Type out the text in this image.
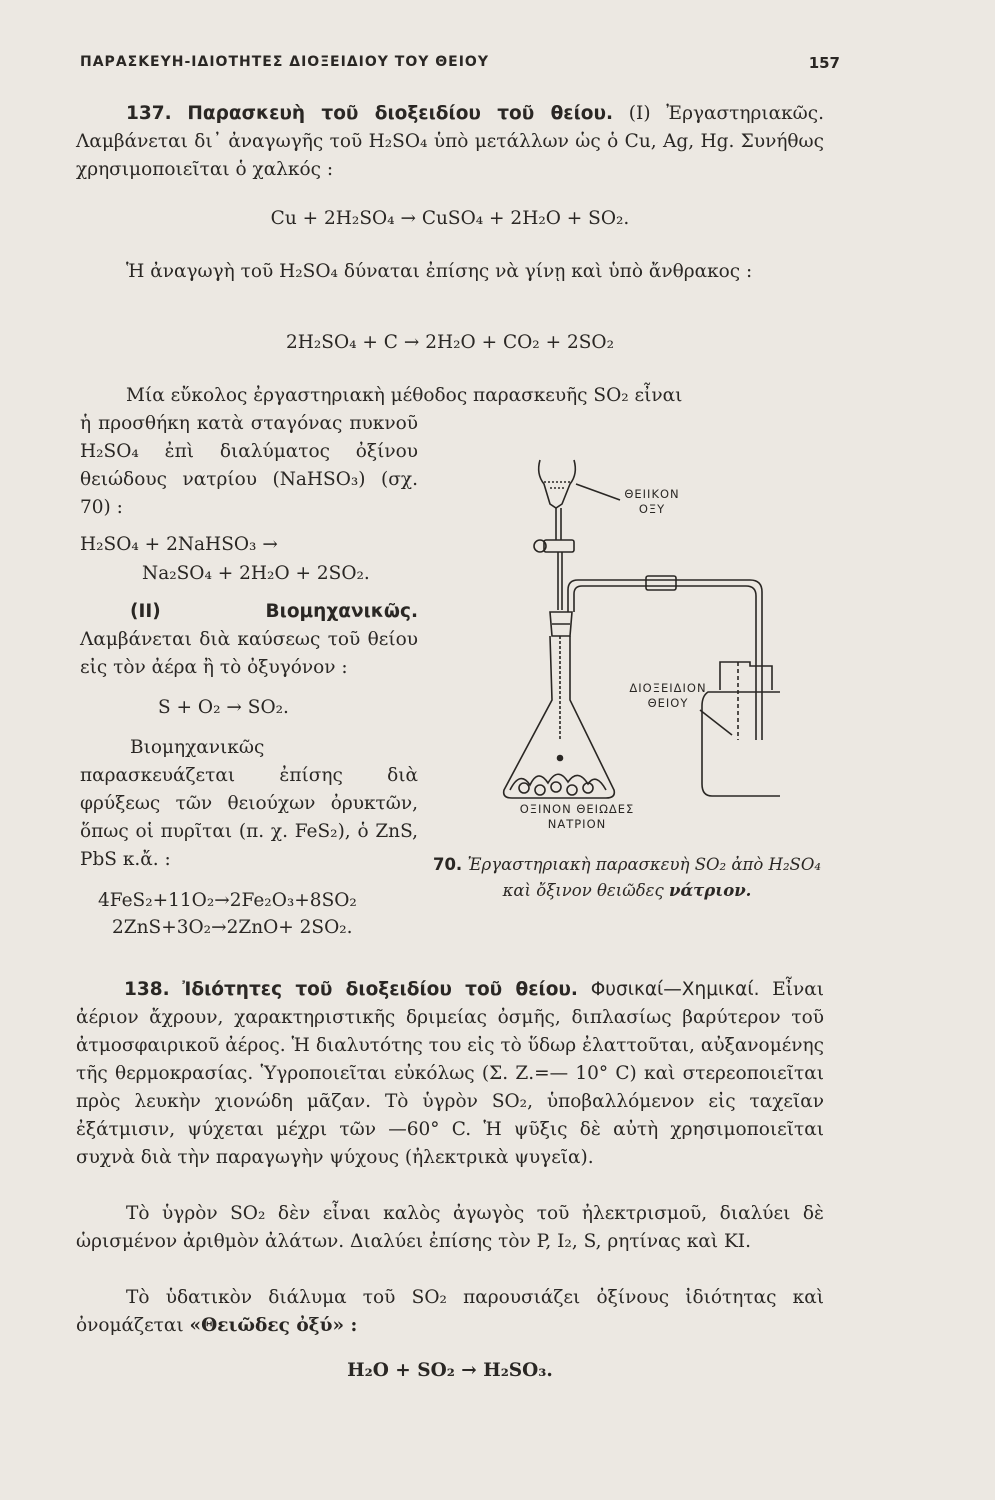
ΠΑΡΑΣΚΕΥΗ-ΙΔΙΟΤΗΤΕΣ ΔΙΟΞΕΙΔΙΟΥ ΤΟΥ ΘΕΙΟΥ	157
137. Παρασκευὴ τοῦ διοξειδίου τοῦ θείου. (I) Ἐργαστηριακῶς. Λαμβάνεται δι᾿ ἀναγωγῆς τοῦ H₂SO₄ ὑπὸ μετάλλων ὡς ὁ Cu, Ag, Hg. Συνήθως χρησιμοποιεῖται ὁ χαλκός :
Cu + 2H₂SO₄ → CuSO₄ + 2H₂O + SO₂.
Ἡ ἀναγωγὴ τοῦ H₂SO₄ δύναται ἐπίσης νὰ γίνῃ καὶ ὑπὸ ἄνθρακος :
2H₂SO₄ + C → 2H₂O + CO₂ + 2SO₂
Μία εὔκολος ἐργαστηριακὴ μέθοδος παρασκευῆς SO₂ εἶναι
ἡ προσθήκη κατὰ σταγόνας πυκνοῦ H₂SO₄ ἐπὶ διαλύματος ὀξίνου θειώδους νατρίου (NaHSO₃) (σχ. 70) :
H₂SO₄ + 2NaHSO₃ →
Na₂SO₄ + 2H₂O + 2SO₂.
(II) Βιομηχανικῶς. Λαμβάνεται διὰ καύσεως τοῦ θείου εἰς τὸν ἀέρα ἢ τὸ ὀξυγόνον :
S + O₂ → SO₂.
Βιομηχανικῶς παρασκευάζεται ἐπίσης διὰ φρύξεως τῶν θειούχων ὀρυκτῶν, ὅπως οἱ πυρῖται (π. χ. FeS₂), ὁ ZnS, PbS κ.ἄ. :
4FeS₂+11O₂→2Fe₂O₃+8SO₂
2ZnS+3O₂→2ZnO+ 2SO₂.
ΘΕΙΙΚΟΝ ΟΞΥ
ΔΙΟΞΕΙΔΙΟΝ ΘΕΙΟΥ
ΟΞΙΝΟΝ ΘΕΙΩΔΕΣ ΝΑΤΡΙΟΝ
70. Ἐργαστηριακὴ παρασκευὴ SO₂ ἀπὸ H₂SO₄ καὶ ὄξινον θειῶδες νάτριον.
138. Ἰδιότητες τοῦ διοξειδίου τοῦ θείου. Φυσικαί—Χημικαί. Εἶναι ἀέριον ἄχρουν, χαρακτηριστικῆς δριμείας ὀσμῆς, διπλασίως βαρύτερον τοῦ ἀτμοσφαιρικοῦ ἀέρος. Ἡ διαλυτότης του εἰς τὸ ὕδωρ ἐλαττοῦται, αὐξανομένης τῆς θερμοκρασίας. Ὑγροποιεῖται εὐκόλως (Σ. Ζ.=— 10° C) καὶ στερεοποιεῖται πρὸς λευκὴν χιονώδη μᾶζαν. Τὸ ὑγρὸν SO₂, ὑποβαλλόμενον εἰς ταχεῖαν ἐξάτμισιν, ψύχεται μέχρι τῶν —60° C. Ἡ ψῦξις δὲ αὐτὴ χρησιμοποιεῖται συχνὰ διὰ τὴν παραγωγὴν ψύχους (ἠλεκτρικὰ ψυγεῖα).
Τὸ ὑγρὸν SO₂ δὲν εἶναι καλὸς ἀγωγὸς τοῦ ἠλεκτρισμοῦ, διαλύει δὲ ὡρισμένον ἀριθμὸν ἀλάτων. Διαλύει ἐπίσης τὸν P, I₂, S, ρητίνας καὶ KI.
Τὸ ὑδατικὸν διάλυμα τοῦ SO₂ παρουσιάζει ὀξίνους ἰδιότητας καὶ ὀνομάζεται «Θειῶδες ὀξύ» :
H₂O + SO₂ → H₂SO₃.
